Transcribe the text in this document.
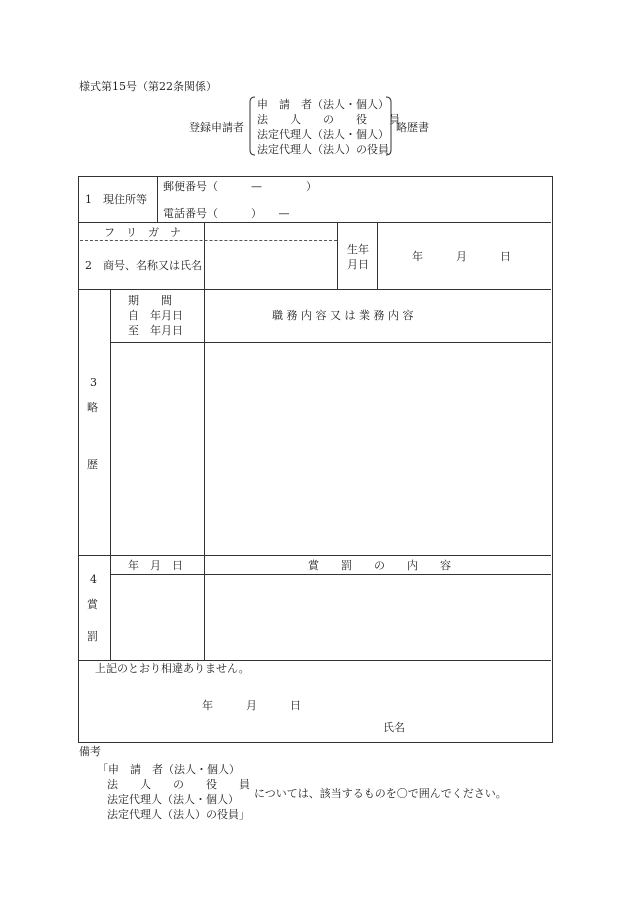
様式第15号（第22条関係）
登録申請者
申　請　者（法人・個人）
法　　人　　の　　役　　員
法定代理人（法人・個人）
法定代理人（法人）の役員
略歴書
1　現住所等
郵便番号（　　　—　　　　）
電話番号（　　　）　　—
フ　リ　ガ　ナ
2　商号、名称又は氏名
生年
月日
年　　　月　　　日
3
略
歴
期　　間
自　年月日
至　年月日
職 務 内 容 又 は 業 務 内 容
4
賞
罰
年　月　日	賞　　罰　　の　　内　　容
上記のとおり相違ありません。
年　　　月　　　日
氏名
備考
「申　請　者（法人・個人）
法　　人　　の　　役　　員
法定代理人（法人・個人）
法定代理人（法人）の役員」
については、該当するものを〇で囲んでください。
